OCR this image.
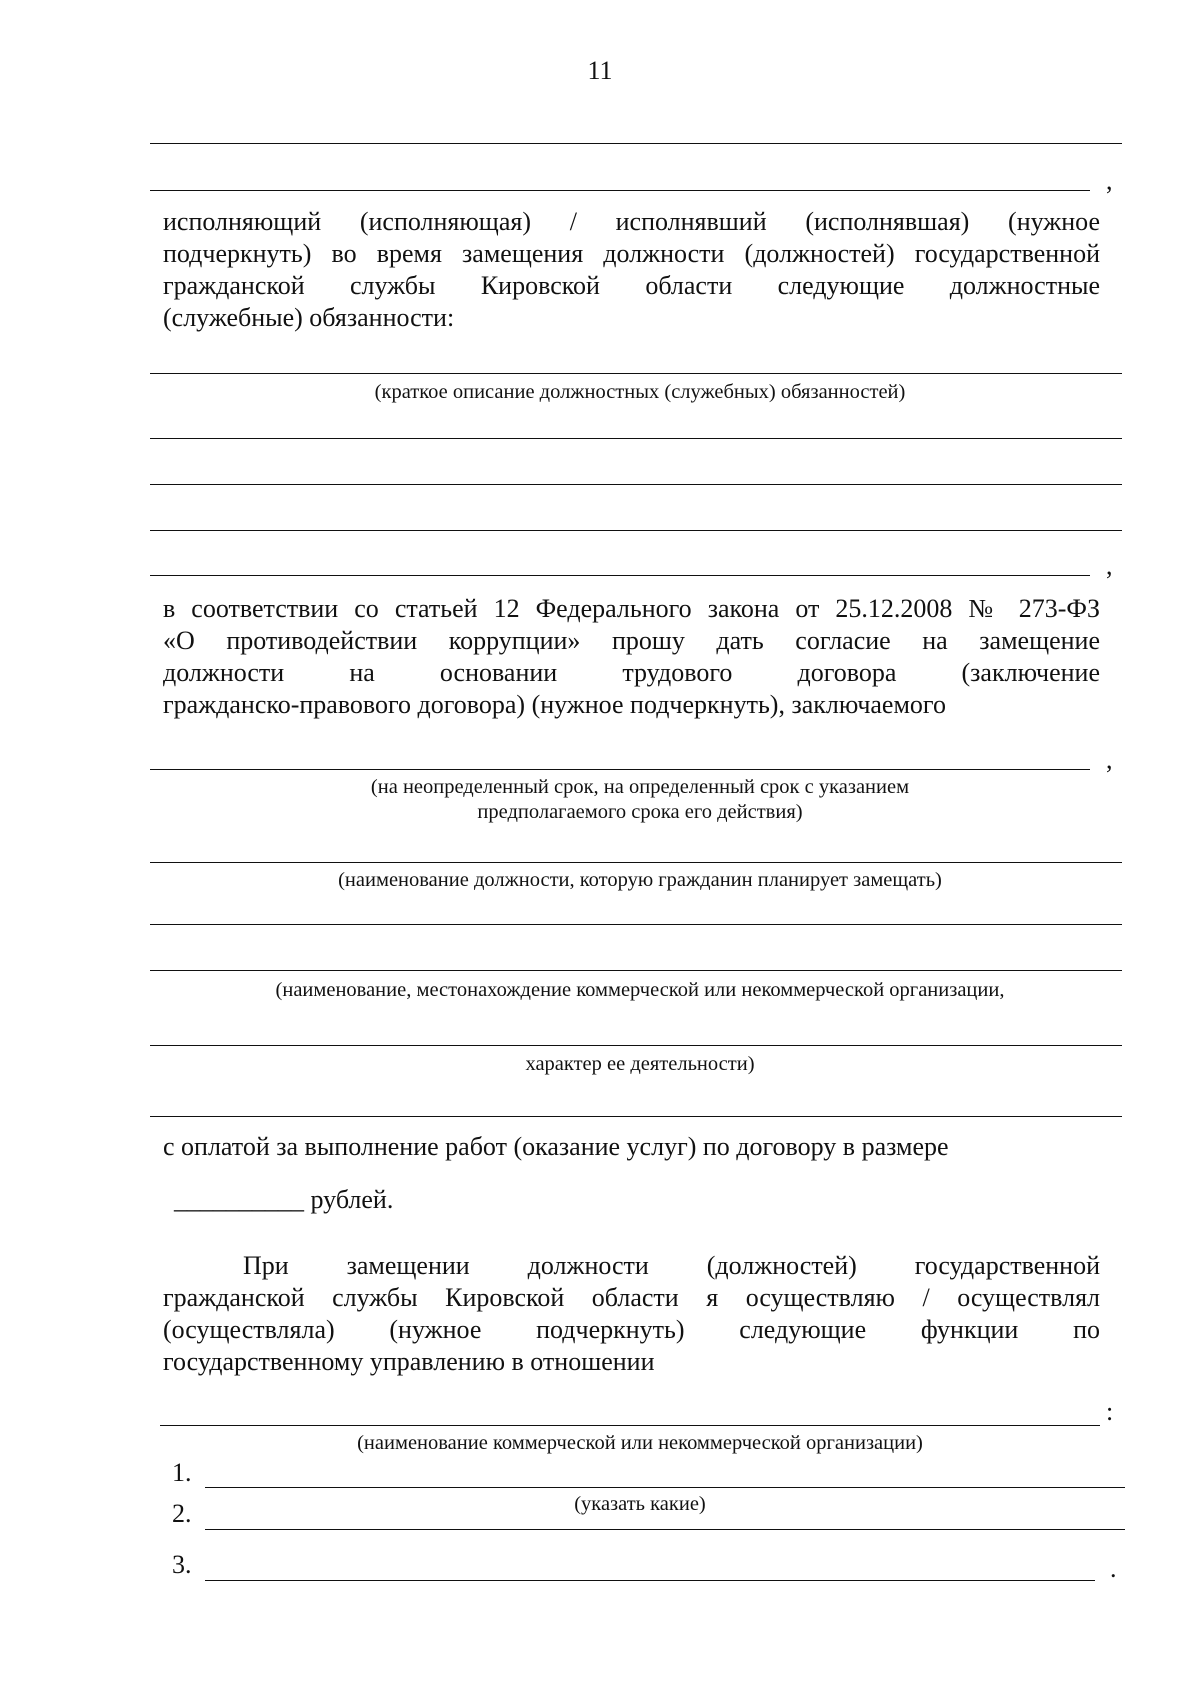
11
,
исполняющий (исполняющая) / исполнявший (исполнявшая) (нужное
подчеркнуть) во время замещения должности (должностей) государственной
гражданской службы Кировской области следующие должностные
(служебные) обязанности:
(краткое описание должностных (служебных) обязанностей)
,
в соответствии со статьей 12 Федерального закона от 25.12.2008 № 273-ФЗ
«О противодействии коррупции» прошу дать согласие на замещение
должности на основании трудового договора (заключение
гражданско-правового договора) (нужное подчеркнуть), заключаемого
,
(на неопределенный срок, на определенный срок с указанием
предполагаемого срока его действия)
(наименование должности, которую гражданин планирует замещать)
(наименование, местонахождение коммерческой или некоммерческой организации,
характер ее деятельности)
с оплатой за выполнение работ (оказание услуг) по договору в размере
__________ рублей.
При замещении должности (должностей) государственной
гражданской службы Кировской области я осуществляю / осуществлял
(осуществляла) (нужное подчеркнуть) следующие функции по
государственному управлению в отношении
:
(наименование коммерческой или некоммерческой организации)
1.
(указать какие)
2.
3.	.
